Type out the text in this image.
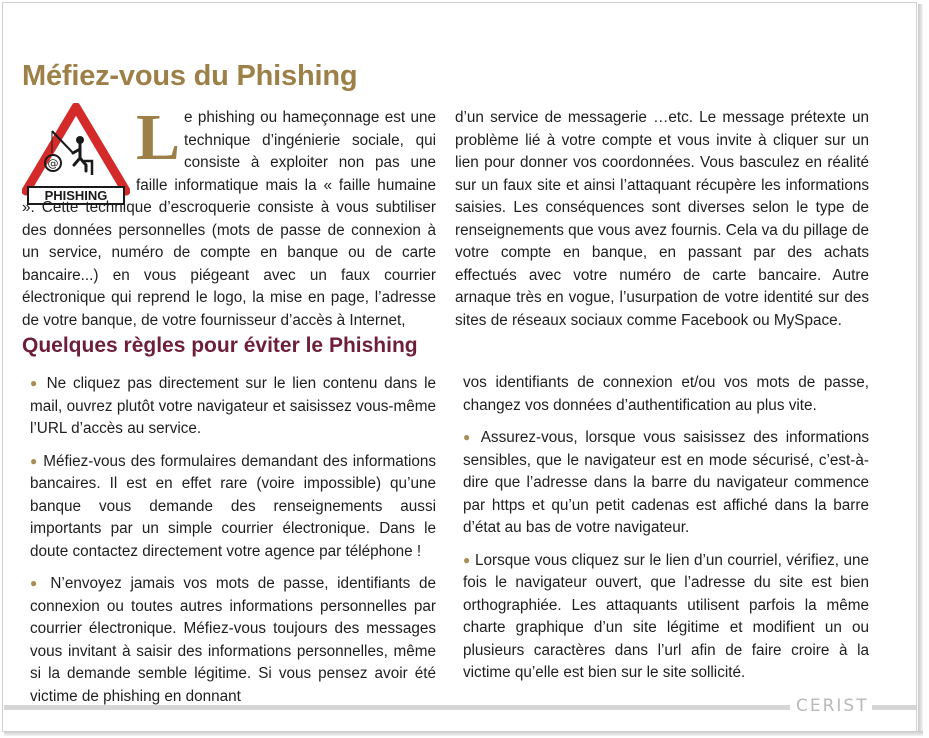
Méfiez-vous du Phishing
@
PHISHING
L e phishing ou hameçonnage est une technique d’ingénierie sociale, qui consiste à exploiter non pas une faille informatique mais la « faille humaine ». Cette technique d’escroquerie consiste à vous subtiliser des données personnelles (mots de passe de connexion à un service, numéro de compte en banque ou de carte bancaire...) en vous piégeant avec un faux courrier électronique qui reprend le logo, la mise en page, l’adresse de votre banque, de votre fournisseur d’accès à Internet,

d’un service de messagerie …etc. Le message prétexte un problème lié à votre compte et vous invite à cliquer sur un lien pour donner vos coordonnées. Vous basculez en réalité sur un faux site et ainsi l’attaquant récupère les informations saisies. Les conséquences sont diverses selon le type de renseignements que vous avez fournis. Cela va du pillage de votre compte en banque, en passant par des achats effectués avec votre numéro de carte bancaire. Autre arnaque très en vogue, l’usurpation de votre identité sur des sites de réseaux sociaux comme Facebook ou MySpace.

Quelques règles pour éviter le Phishing

● Ne cliquez pas directement sur le lien contenu dans le mail, ouvrez plutôt votre navigateur et saisissez vous-même l’URL d’accès au service.

● Méfiez-vous des formulaires demandant des informations bancaires. Il est en effet rare (voire impossible) qu’une banque vous demande des renseignements aussi importants par un simple courrier électronique. Dans le doute contactez directement votre agence par téléphone !

● N’envoyez jamais vos mots de passe, identifiants de connexion ou toutes autres informations personnelles par courrier électronique. Méfiez-vous toujours des messages vous invitant à saisir des informations personnelles, même si la demande semble légitime. Si vous pensez avoir été victime de phishing en donnant

vos identifiants de connexion et/ou vos mots de passe, changez vos données d’authentification au plus vite.

● Assurez-vous, lorsque vous saisissez des informations sensibles, que le navigateur est en mode sécurisé, c’est-à-dire que l’adresse dans la barre du navigateur commence par https et qu’un petit cadenas est affiché dans la barre d’état au bas de votre navigateur.

● Lorsque vous cliquez sur le lien d’un courriel, vérifiez, une fois le navigateur ouvert, que l’adresse du site est bien orthographiée. Les attaquants utilisent parfois la même charte graphique d’un site légitime et modifient un ou plusieurs caractères dans l’url afin de faire croire à la victime qu’elle est bien sur le site sollicité.

CERIST
